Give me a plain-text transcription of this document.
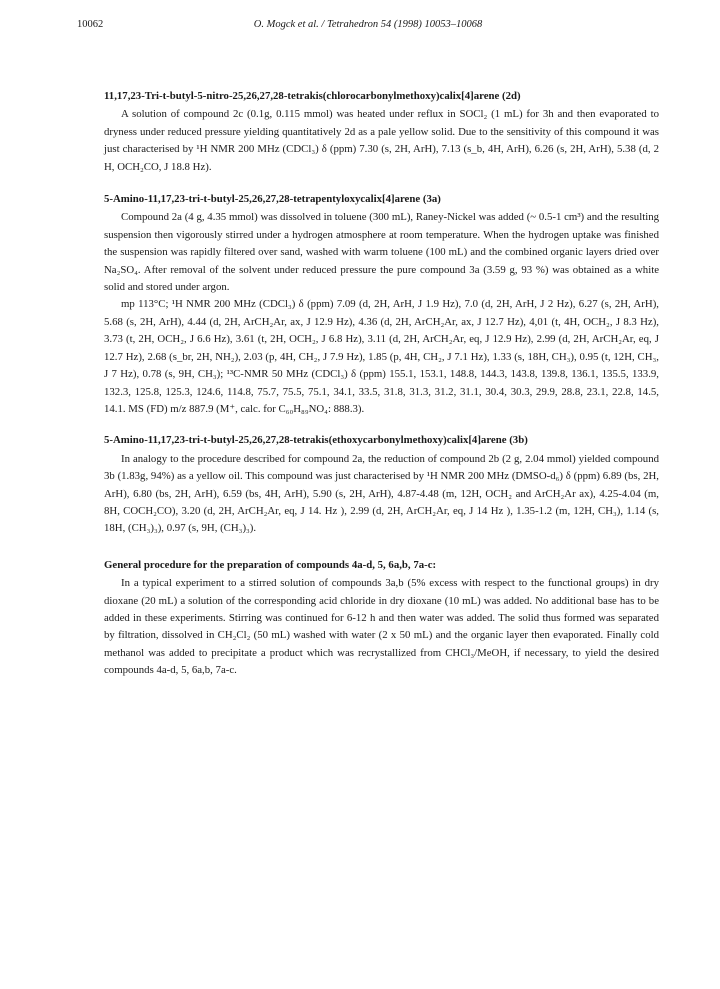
10062	O. Mogck et al. / Tetrahedron 54 (1998) 10053–10068

11,17,23-Tri-t-butyl-5-nitro-25,26,27,28-tetrakis(chlorocarbonylmethoxy)calix[4]arene (2d)

A solution of compound 2c (0.1g, 0.115 mmol) was heated under reflux in SOCl₂ (1 mL) for 3h and then evaporated to dryness under reduced pressure yielding quantitatively 2d as a pale yellow solid. Due to the sensitivity of this compound it was just characterised by ¹H NMR 200 MHz (CDCl₃) δ (ppm) 7.30 (s, 2H, ArH), 7.13 (s_b, 4H, ArH), 6.26 (s, 2H, ArH), 5.38 (d, 2 H, OCH₂CO, J 18.8 Hz).

5-Amino-11,17,23-tri-t-butyl-25,26,27,28-tetrapentyloxycalix[4]arene (3a)

Compound 2a (4 g, 4.35 mmol) was dissolved in toluene (300 mL), Raney-Nickel was added (~ 0.5-1 cm³) and the resulting suspension then vigorously stirred under a hydrogen atmosphere at room temperature. When the hydrogen uptake was finished the suspension was rapidly filtered over sand, washed with warm toluene (100 mL) and the combined organic layers dried over Na₂SO₄. After removal of the solvent under reduced pressure the pure compound 3a (3.59 g, 93 %) was obtained as a white solid and stored under argon.

mp 113°C; ¹H NMR 200 MHz (CDCl₃) δ (ppm) 7.09 (d, 2H, ArH, J 1.9 Hz), 7.0 (d, 2H, ArH, J 2 Hz), 6.27 (s, 2H, ArH), 5.68 (s, 2H, ArH), 4.44 (d, 2H, ArCH₂Ar, ax, J 12.9 Hz), 4.36 (d, 2H, ArCH₂Ar, ax, J 12.7 Hz), 4,01 (t, 4H, OCH₂, J 8.3 Hz), 3.73 (t, 2H, OCH₂, J 6.6 Hz), 3.61 (t, 2H, OCH₂, J 6.8 Hz), 3.11 (d, 2H, ArCH₂Ar, eq, J 12.9 Hz), 2.99 (d, 2H, ArCH₂Ar, eq, J 12.7 Hz), 2.68 (s_br, 2H, NH₂), 2.03 (p, 4H, CH₂, J 7.9 Hz), 1.85 (p, 4H, CH₂, J 7.1 Hz), 1.33 (s, 18H, CH₃), 0.95 (t, 12H, CH₃, J 7 Hz), 0.78 (s, 9H, CH₃); ¹³C-NMR 50 MHz (CDCl₃) δ (ppm) 155.1, 153.1, 148.8, 144.3, 143.8, 139.8, 136.1, 135.5, 133.9, 132.3, 125.8, 125.3, 124.6, 114.8, 75.7, 75.5, 75.1, 34.1, 33.5, 31.8, 31.3, 31.2, 31.1, 30.4, 30.3, 29.9, 28.8, 23.1, 22.8, 14.5, 14.1. MS (FD) m/z 887.9 (M⁺, calc. for C₆₀H₈₉NO₄: 888.3).

5-Amino-11,17,23-tri-t-butyl-25,26,27,28-tetrakis(ethoxycarbonylmethoxy)calix[4]arene (3b)

In analogy to the procedure described for compound 2a, the reduction of compound 2b (2 g, 2.04 mmol) yielded compound 3b (1.83g, 94%) as a yellow oil. This compound was just characterised by ¹H NMR 200 MHz (DMSO-d₆) δ (ppm) 6.89 (bs, 2H, ArH), 6.80 (bs, 2H, ArH), 6.59 (bs, 4H, ArH), 5.90 (s, 2H, ArH), 4.87-4.48 (m, 12H, OCH₂ and ArCH₂Ar ax), 4.25-4.04 (m, 8H, COCH₂CO), 3.20 (d, 2H, ArCH₂Ar, eq, J 14. Hz ), 2.99 (d, 2H, ArCH₂Ar, eq, J 14 Hz ), 1.35-1.2 (m, 12H, CH₃), 1.14 (s, 18H, (CH₃)₃), 0.97 (s, 9H, (CH₃)₃).

General procedure for the preparation of compounds 4a-d, 5, 6a,b, 7a-c:

In a typical experiment to a stirred solution of compounds 3a,b (5% excess with respect to the functional groups) in dry dioxane (20 mL) a solution of the corresponding acid chloride in dry dioxane (10 mL) was added. No additional base has to be added in these experiments. Stirring was continued for 6-12 h and then water was added. The solid thus formed was separated by filtration, dissolved in CH₂Cl₂ (50 mL) washed with water (2 x 50 mL) and the organic layer then evaporated. Finally cold methanol was added to precipitate a product which was recrystallized from CHCl₃/MeOH, if necessary, to yield the desired compounds 4a-d, 5, 6a,b, 7a-c.
